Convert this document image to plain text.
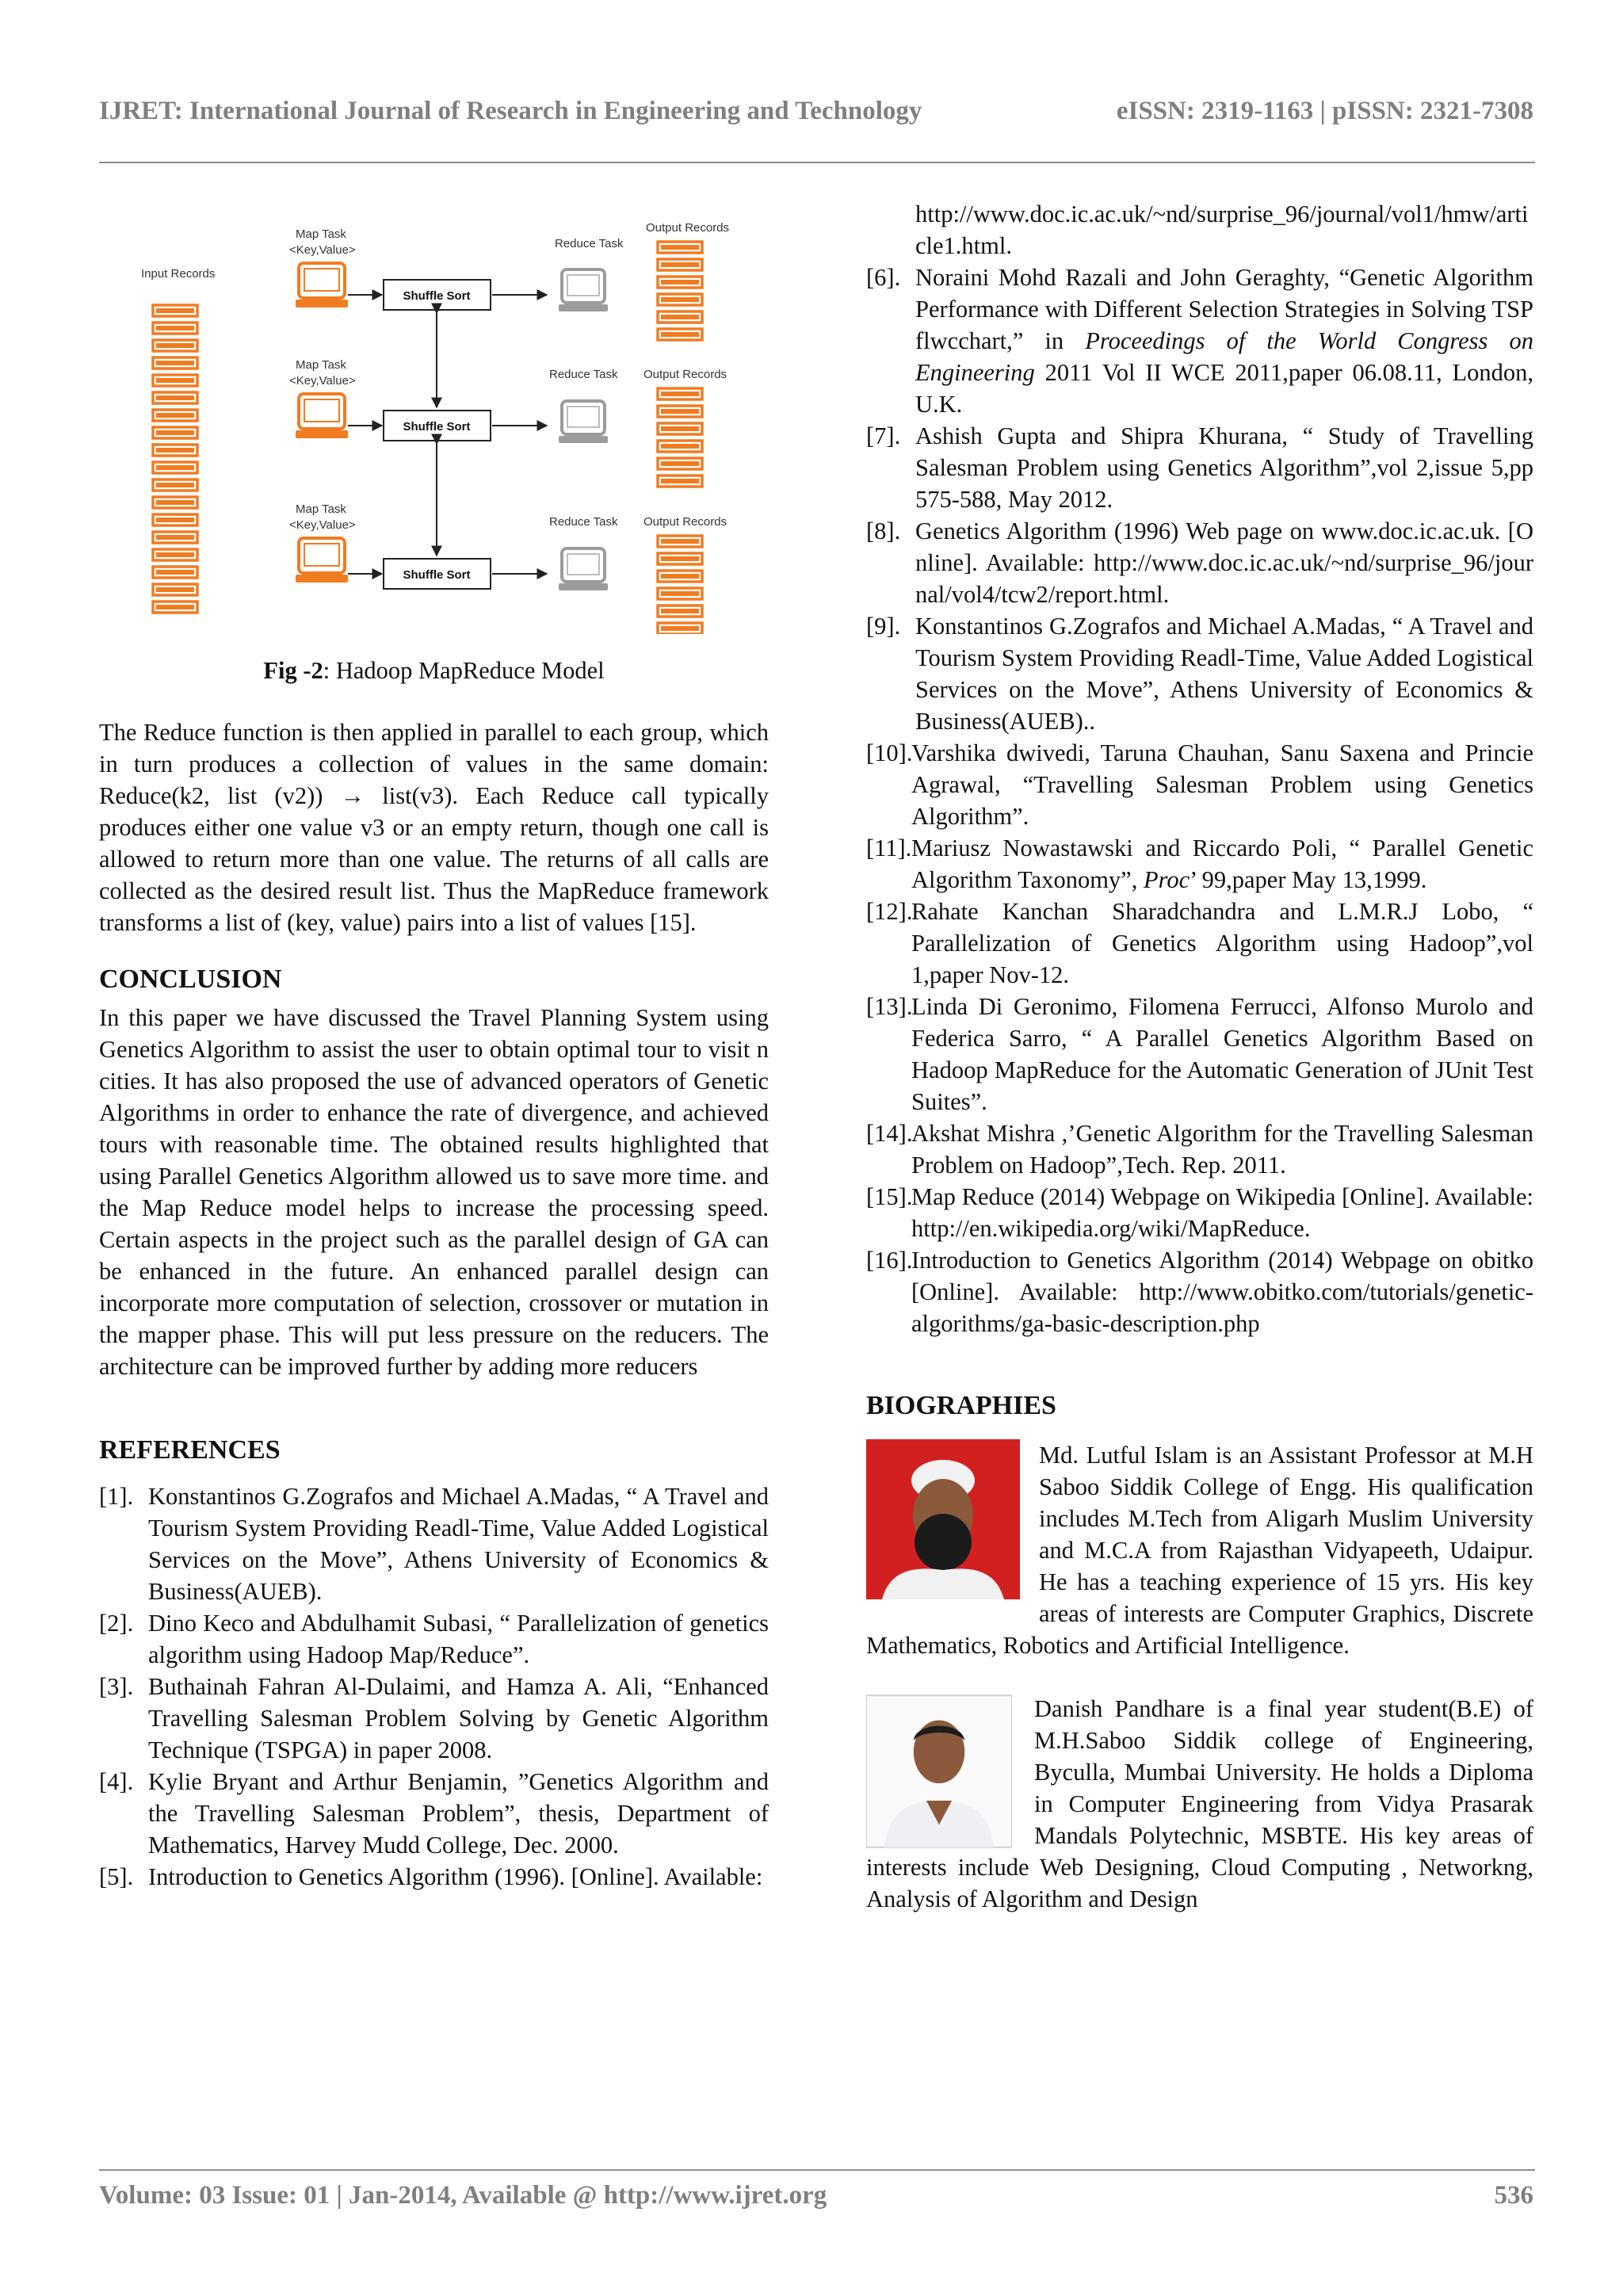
IJRET: International Journal of Research in Engineering and Technology	eISSN: 2319-1163 | pISSN: 2321-7308
Input Records
Map Task
<Key,Value>
Map Task
<Key,Value>
Map Task
<Key,Value>
Shuffle Sort
Shuffle Sort
Shuffle Sort
Reduce Task
Reduce Task
Reduce Task
Output Records
Output Records
Output Records

Fig -2: Hadoop MapReduce Model

The Reduce function is then applied in parallel to each group, which in turn produces a collection of values in the same domain: Reduce(k2, list (v2)) → list(v3). Each Reduce call typically produces either one value v3 or an empty return, though one call is allowed to return more than one value. The returns of all calls are collected as the desired result list. Thus the MapReduce framework transforms a list of (key, value) pairs into a list of values [15].

CONCLUSION

In this paper we have discussed the Travel Planning System using Genetics Algorithm to assist the user to obtain optimal tour to visit n cities. It has also proposed the use of advanced operators of Genetic Algorithms in order to enhance the rate of divergence, and achieved tours with reasonable time. The obtained results highlighted that using Parallel Genetics Algorithm allowed us to save more time. and the Map Reduce model helps to increase the processing speed. Certain aspects in the project such as the parallel design of GA can be enhanced in the future. An enhanced parallel design can incorporate more computation of selection, crossover or mutation in the mapper phase. This will put less pressure on the reducers. The architecture can be improved further by adding more reducers

REFERENCES

[1]. Konstantinos G.Zografos and Michael A.Madas, “ A Travel and Tourism System Providing Readl-Time, Value Added Logistical Services on the Move”, Athens University of Economics & Business(AUEB).
[2]. Dino Keco and Abdulhamit Subasi, “ Parallelization of genetics algorithm using Hadoop Map/Reduce”.
[3]. Buthainah Fahran Al-Dulaimi, and Hamza A. Ali, “Enhanced Travelling Salesman Problem Solving by Genetic Algorithm Technique (TSPGA) in paper 2008.
[4]. Kylie Bryant and Arthur Benjamin, ”Genetics Algorithm and the Travelling Salesman Problem”, thesis, Department of Mathematics, Harvey Mudd College, Dec. 2000.
[5]. Introduction to Genetics Algorithm (1996). [Online]. Available:
http://www.doc.ic.ac.uk/~nd/surprise_96/journal/vol1/hmw/article1.html.
[6]. Noraini Mohd Razali and John Geraghty, “Genetic Algorithm Performance with Different Selection Strategies in Solving TSP flwcchart,” in Proceedings of the World Congress on Engineering 2011 Vol II WCE 2011,paper 06.08.11, London, U.K.
[7]. Ashish Gupta and Shipra Khurana, “ Study of Travelling Salesman Problem using Genetics Algorithm”,vol 2,issue 5,pp 575-588, May 2012.
[8]. Genetics Algorithm (1996) Web page on www.doc.ic.ac.uk. [Online]. Available: http://www.doc.ic.ac.uk/~nd/surprise_96/journal/vol4/tcw2/report.html.
[9]. Konstantinos G.Zografos and Michael A.Madas, “ A Travel and Tourism System Providing Readl-Time, Value Added Logistical Services on the Move”, Athens University of Economics & Business(AUEB)..
[10].
Varshika dwivedi, Taruna Chauhan, Sanu Saxena and Princie Agrawal, “Travelling Salesman Problem using Genetics Algorithm”.
[11]. Mariusz Nowastawski and Riccardo Poli, “ Parallel Genetic Algorithm Taxonomy”, Proc’ 99,paper May 13,1999.
[12].
Rahate Kanchan Sharadchandra and L.M.R.J Lobo, “ Parallelization of Genetics Algorithm using Hadoop”,vol 1,paper Nov-12.
[13].
Linda Di Geronimo, Filomena Ferrucci, Alfonso Murolo and Federica Sarro, “ A Parallel Genetics Algorithm Based on Hadoop MapReduce for the Automatic Generation of JUnit Test Suites”.
[14].
Akshat Mishra ,’Genetic Algorithm for the Travelling Salesman Problem on Hadoop”,Tech. Rep. 2011.
[15].
Map Reduce (2014) Webpage on Wikipedia [Online]. Available: http://en.wikipedia.org/wiki/MapReduce.
[16].
Introduction to Genetics Algorithm (2014) Webpage on obitko [Online]. Available: http://www.obitko.com/tutorials/genetic-algorithms/ga-basic-description.php

BIOGRAPHIES

Md. Lutful Islam is an Assistant Professor at M.H Saboo Siddik College of Engg. His qualification includes M.Tech from Aligarh Muslim University and M.C.A from Rajasthan Vidyapeeth, Udaipur. He has a teaching experience of 15 yrs. His key areas of interests are Computer Graphics, Discrete Mathematics, Robotics and Artificial Intelligence.
Danish Pandhare is a final year student(B.E) of M.H.Saboo Siddik college of Engineering, Byculla, Mumbai University. He holds a Diploma in Computer Engineering from Vidya Prasarak Mandals Polytechnic, MSBTE. His key areas of interests include Web Designing, Cloud Computing , Networkng, Analysis of Algorithm and Design
Volume: 03 Issue: 01 | Jan-2014, Available @ http://www.ijret.org	536
